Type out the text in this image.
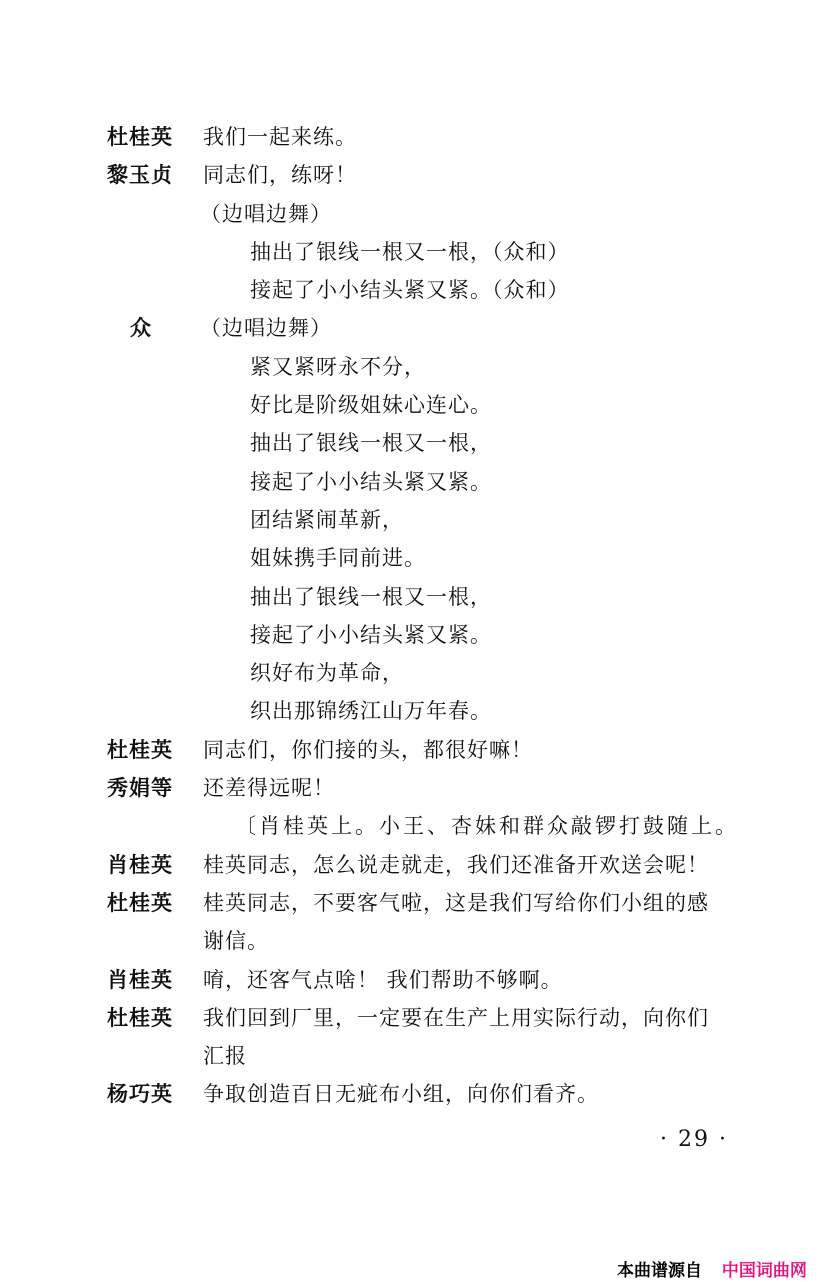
杜桂英 我们一起来练。
黎玉贞 同志们，练呀！
（边唱边舞）
抽出了银线一根又一根，（众和）
接起了小小结头紧又紧。（众和）
众 （边唱边舞）
紧又紧呀永不分，
好比是阶级姐妹心连心。
抽出了银线一根又一根，
接起了小小结头紧又紧。
团结紧闹革新，
姐妹携手同前进。
抽出了银线一根又一根，
接起了小小结头紧又紧。
织好布为革命，
织出那锦绣江山万年春。
杜桂英 同志们，你们接的头，都很好嘛！
秀娟等 还差得远呢！
〔肖桂英上。小王、杏妹和群众敲锣打鼓随上。
肖桂英 桂英同志，怎么说走就走，我们还准备开欢送会呢！
杜桂英 桂英同志，不要客气啦，这是我们写给你们小组的感
谢信。
肖桂英 唷，还客气点啥！ 我们帮助不够啊。
杜桂英 我们回到厂里，一定要在生产上用实际行动，向你们
汇报
杨巧英 争取创造百日无疵布小组，向你们看齐。
· 29 ·
本曲谱源自 中国词曲网
